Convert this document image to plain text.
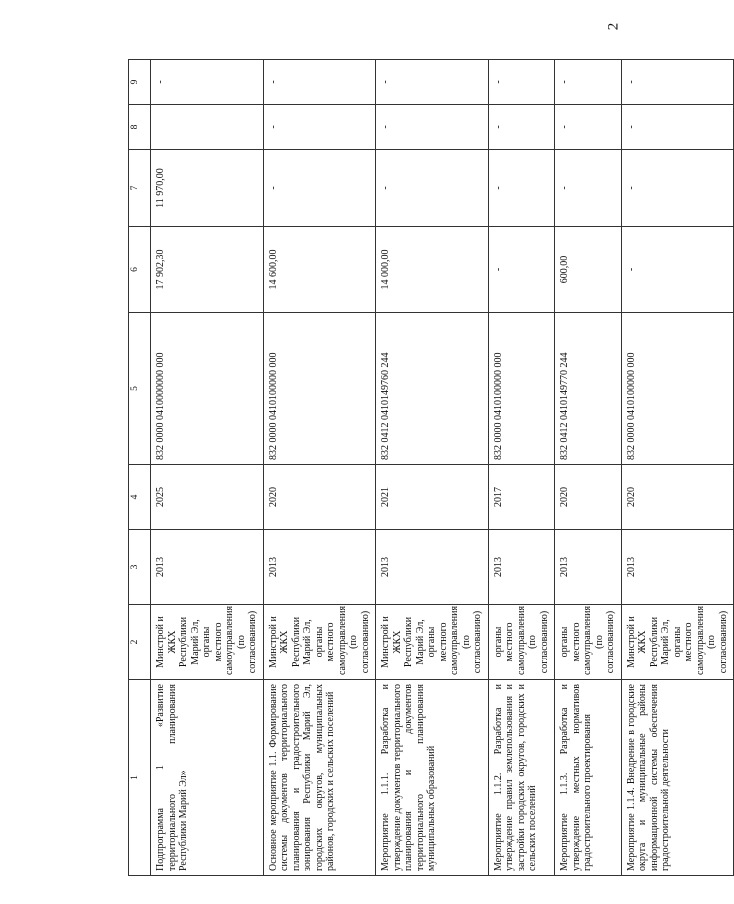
2
1	2	3	4	5	6	7	8	9
Подпрограмма 1 «Развитие территориального планирования Республики Марий Эл»	Минстрой и ЖКХ Республики Марий Эл, органы местного самоуправления (по согласованию)	2013	2025	832 0000 0410000000 000	17 902,30	11 970,00		-
Основное мероприятие 1.1. Формирование системы документов территориального планирования и градостроительного зонирования Республики Марий Эл, городских округов, муниципальных районов, городских и сельских поселений	Минстрой и ЖКХ Республики Марий Эл, органы местного самоуправления (по согласованию)	2013	2020	832 0000 0410100000 000	14 600,00	-	-	-
Мероприятие 1.1.1. Разработка и утверждение документов территориального планирования и документов территориального планирования муниципальных образований	Минстрой и ЖКХ Республики Марий Эл, органы местного самоуправления (по согласованию)	2013	2021	832 0412 0410149760 244	14 000,00	-	-	-
Мероприятие 1.1.2. Разработка и утверждение правил землепользования и застройки городских округов, городских и сельских поселений	органы местного самоуправления (по согласованию)	2013	2017	832 0000 0410100000 000	-	-	-	-
Мероприятие 1.1.3. Разработка и утверждение местных нормативов градостроительного проектирования	органы местного самоуправления (по согласованию)	2013	2020	832 0412 0410149770 244	600,00	-	-	-
Мероприятие 1.1.4. Внедрение в городские округа и муниципальные районы информационной системы обеспечения градостроительной деятельности	Минстрой и ЖКХ Республики Марий Эл, органы местного самоуправления (по согласованию)	2013	2020	832 0000 0410100000 000	-	-	-	-
